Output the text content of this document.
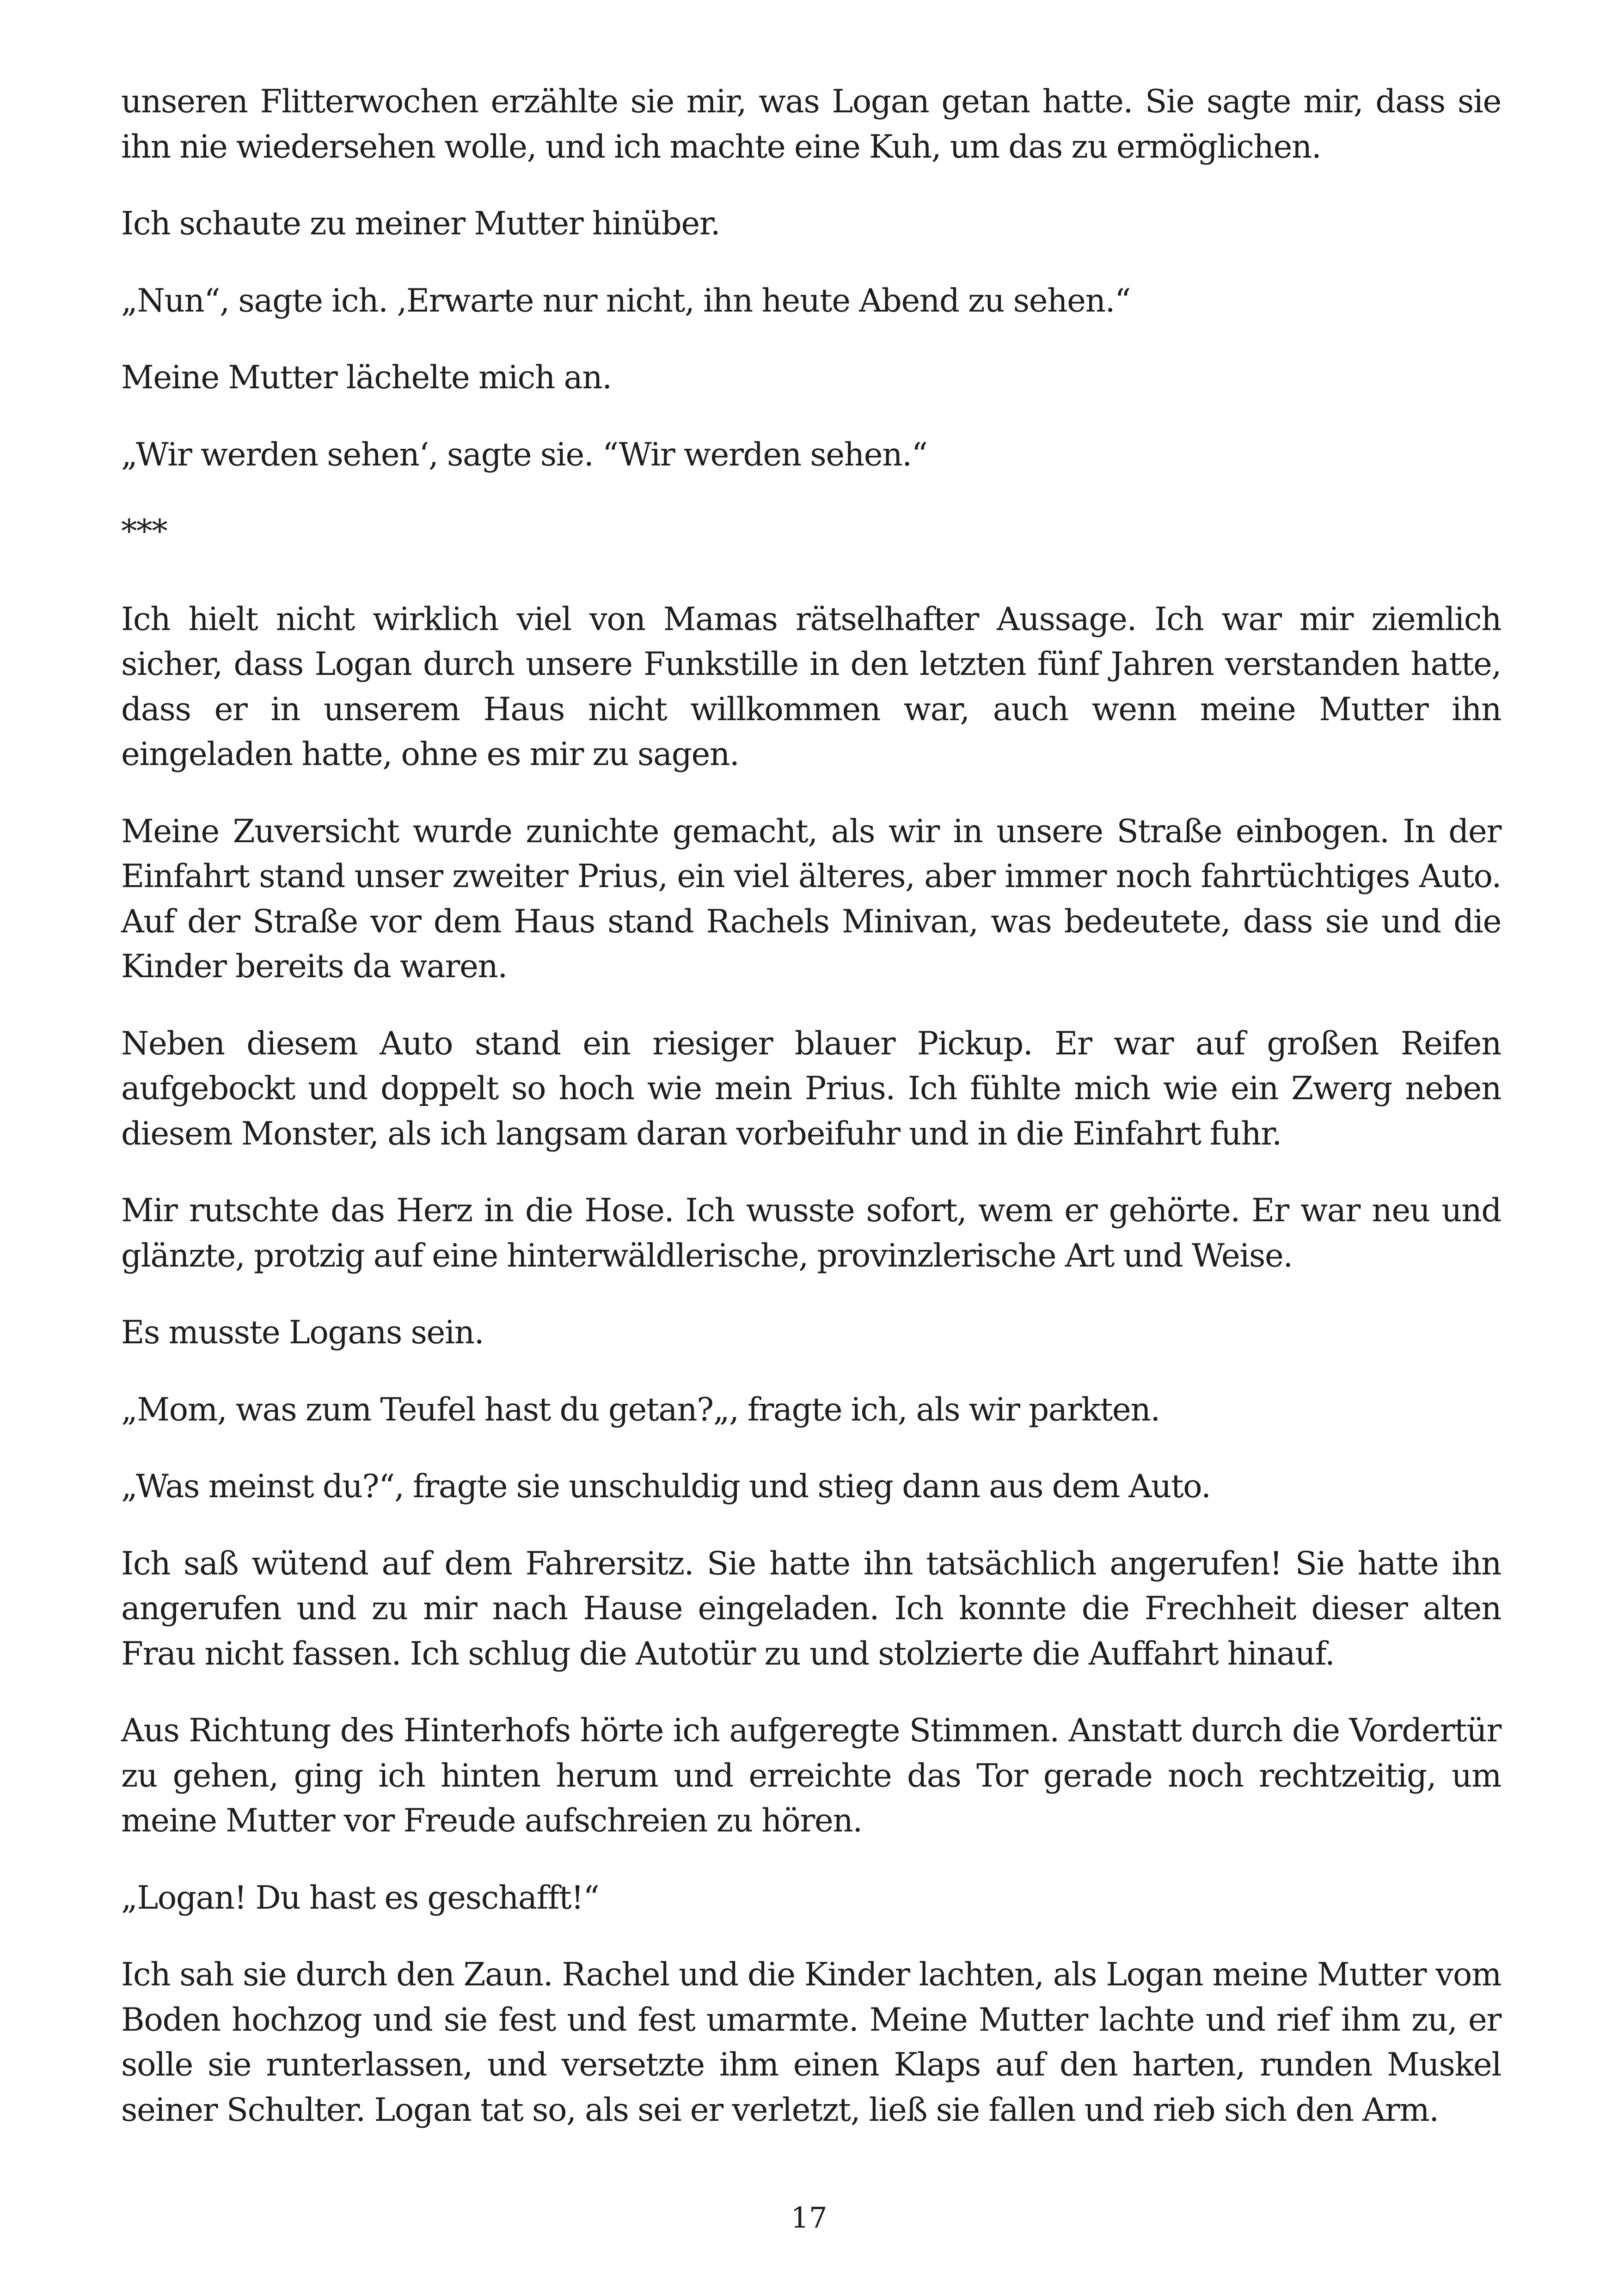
unseren Flitterwochen erzählte sie mir, was Logan getan hatte. Sie sagte mir, dass sie ihn nie wiedersehen wolle, und ich machte eine Kuh, um das zu ermöglichen.

Ich schaute zu meiner Mutter hinüber.

„Nun“, sagte ich. ‚Erwarte nur nicht, ihn heute Abend zu sehen.“

Meine Mutter lächelte mich an.

„Wir werden sehen‘, sagte sie. “Wir werden sehen.“

***

Ich hielt nicht wirklich viel von Mamas rätselhafter Aussage. Ich war mir ziemlich sicher, dass Logan durch unsere Funkstille in den letzten fünf Jahren verstanden hatte, dass er in unserem Haus nicht willkommen war, auch wenn meine Mutter ihn eingeladen hatte, ohne es mir zu sagen.

Meine Zuversicht wurde zunichte gemacht, als wir in unsere Straße einbogen. In der Einfahrt stand unser zweiter Prius, ein viel älteres, aber immer noch fahrtüchtiges Auto. Auf der Straße vor dem Haus stand Rachels Minivan, was bedeutete, dass sie und die Kinder bereits da waren.

Neben diesem Auto stand ein riesiger blauer Pickup. Er war auf großen Reifen aufgebockt und doppelt so hoch wie mein Prius. Ich fühlte mich wie ein Zwerg neben diesem Monster, als ich langsam daran vorbeifuhr und in die Einfahrt fuhr.

Mir rutschte das Herz in die Hose. Ich wusste sofort, wem er gehörte. Er war neu und glänzte, protzig auf eine hinterwäldlerische, provinzlerische Art und Weise.

Es musste Logans sein.

„Mom, was zum Teufel hast du getan?„, fragte ich, als wir parkten.

„Was meinst du?“, fragte sie unschuldig und stieg dann aus dem Auto.

Ich saß wütend auf dem Fahrersitz. Sie hatte ihn tatsächlich angerufen! Sie hatte ihn angerufen und zu mir nach Hause eingeladen. Ich konnte die Frechheit dieser alten Frau nicht fassen. Ich schlug die Autotür zu und stolzierte die Auffahrt hinauf.

Aus Richtung des Hinterhofs hörte ich aufgeregte Stimmen. Anstatt durch die Vordertür zu gehen, ging ich hinten herum und erreichte das Tor gerade noch rechtzeitig, um meine Mutter vor Freude aufschreien zu hören.

„Logan! Du hast es geschafft!“

Ich sah sie durch den Zaun. Rachel und die Kinder lachten, als Logan meine Mutter vom Boden hochzog und sie fest und fest umarmte. Meine Mutter lachte und rief ihm zu, er solle sie runterlassen, und versetzte ihm einen Klaps auf den harten, runden Muskel seiner Schulter. Logan tat so, als sei er verletzt, ließ sie fallen und rieb sich den Arm.

17
